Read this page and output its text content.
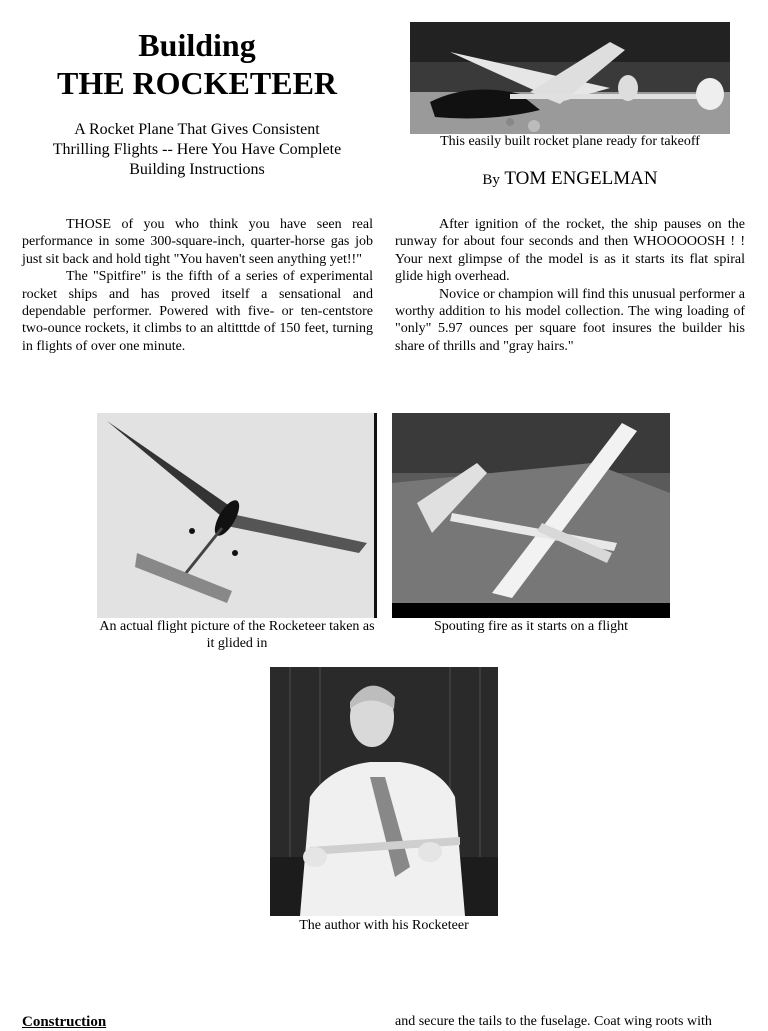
Building
THE ROCKETEER
A Rocket Plane That Gives Consistent
Thrilling Flights -- Here You Have Complete
Building Instructions
This easily built rocket plane ready for takeoff
By TOM ENGELMAN

THOSE of you who think you have seen real performance in some 300-square-inch, quarter-horse gas job just sit back and hold tight "You haven't seen anything yet!!"

The "Spitfire" is the fifth of a series of experimental rocket ships and has proved itself a sensational and dependable performer. Powered with five- or ten-centstore two-ounce rockets, it climbs to an altitttde of 150 feet, turning in flights of over one minute.

After ignition of the rocket, the ship pauses on the runway for about four seconds and then WHOOOOOSH ! ! Your next glimpse of the model is as it starts its flat spiral glide high overhead.

Novice or champion will find this unusual performer a worthy addition to his model collection. The wing loading of "only" 5.97 ounces per square foot insures the builder his share of thrills and "gray hairs."

An actual flight picture of the Rocketeer taken as it glided in
Spouting fire as it starts on a flight
The author with his Rocketeer
Construction	and secure the tails to the fuselage. Coat wing roots with
